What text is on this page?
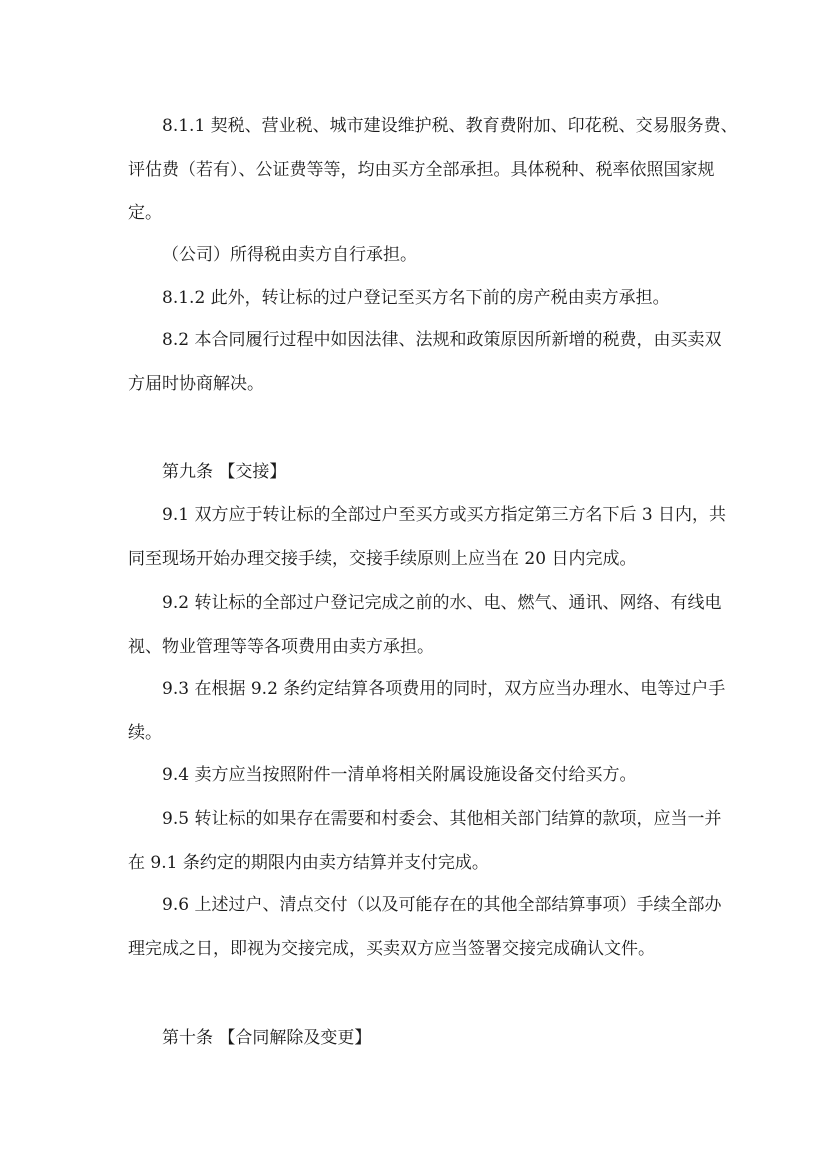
8.1.1 契税、营业税、城市建设维护税、教育费附加、印花税、交易服务费、
评估费（若有）、公证费等等，均由买方全部承担。具体税种、税率依照国家规
定。
（公司）所得税由卖方自行承担。
8.1.2 此外，转让标的过户登记至买方名下前的房产税由卖方承担。
8.2 本合同履行过程中如因法律、法规和政策原因所新增的税费，由买卖双
方届时协商解决。
9.1 双方应于转让标的全部过户至买方或买方指定第三方名下后 3 日内，共
同至现场开始办理交接手续，交接手续原则上应当在 20 日内完成。
9.2 转让标的全部过户登记完成之前的水、电、燃气、通讯、网络、有线电
视、物业管理等等各项费用由卖方承担。
9.3 在根据 9.2 条约定结算各项费用的同时，双方应当办理水、电等过户手
续。
9.4 卖方应当按照附件一清单将相关附属设施设备交付给买方。
9.5 转让标的如果存在需要和村委会、其他相关部门结算的款项，应当一并
在 9.1 条约定的期限内由卖方结算并支付完成。
9.6 上述过户、清点交付（以及可能存在的其他全部结算事项）手续全部办
理完成之日，即视为交接完成，买卖双方应当签署交接完成确认文件。
第九条 【交接】
第十条 【合同解除及变更】
